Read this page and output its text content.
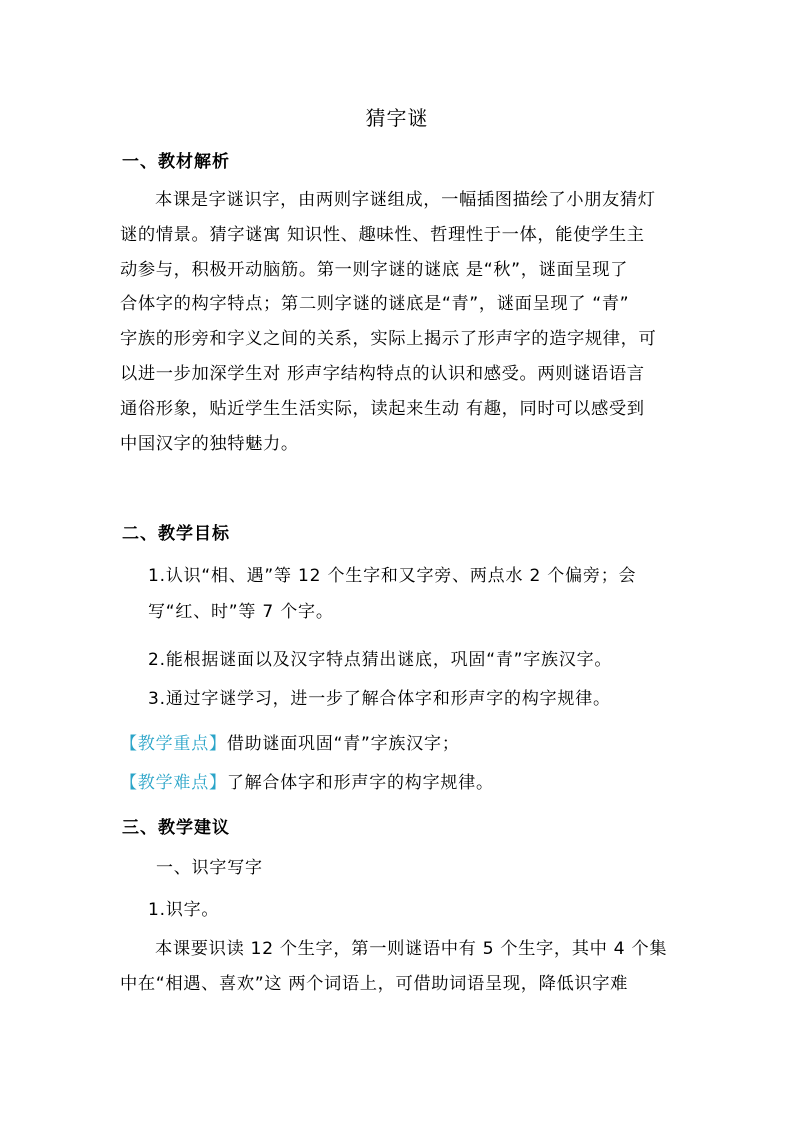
猜字谜
一、教材解析
本课是字谜识字，由两则字谜组成，一幅插图描绘了小朋友猜灯
谜的情景。猜字谜寓 知识性、趣味性、哲理性于一体，能使学生主
动参与，积极开动脑筋。第一则字谜的谜底 是“秋”，谜面呈现了
合体字的构字特点；第二则字谜的谜底是“青”，谜面呈现了 “青”
字族的形旁和字义之间的关系，实际上揭示了形声字的造字规律，可
以进一步加深学生对 形声字结构特点的认识和感受。两则谜语语言
通俗形象，贴近学生生活实际，读起来生动 有趣，同时可以感受到
中国汉字的独特魅力。
二、教学目标
1.认识“相、遇”等 12 个生字和又字旁、两点水 2 个偏旁；会
写“红、时”等 7 个字。
2.能根据谜面以及汉字特点猜出谜底，巩固“青”字族汉字。
3.通过字谜学习，进一步了解合体字和形声字的构字规律。
【教学重点】借助谜面巩固“青”字族汉字；
【教学难点】了解合体字和形声字的构字规律。
三、教学建议
一、识字写字
1.识字。
本课要识读 12 个生字，第一则谜语中有 5 个生字，其中 4 个集
中在“相遇、喜欢”这 两个词语上，可借助词语呈现，降低识字难
